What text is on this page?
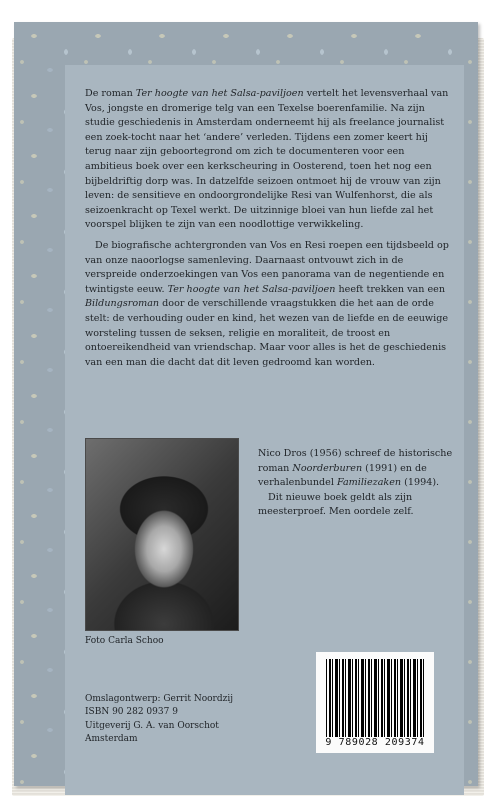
De roman Ter hoogte van het Salsa-paviljoen vertelt het levensverhaal van Vos, jongste en dromerige telg van een Texelse boerenfamilie. Na zijn studie geschiedenis in Amsterdam onderneemt hij als freelance journalist een zoek-tocht naar het ‘andere’ verleden. Tijdens een zomer keert hij terug naar zijn geboortegrond om zich te documenteren voor een ambitieus boek over een kerkscheuring in Oosterend, toen het nog een bijbeldriftig dorp was. In datzelfde seizoen ontmoet hij de vrouw van zijn leven: de sensitieve en ondoorgrondelijke Resi van Wulfenhorst, die als seizoenkracht op Texel werkt. De uitzinnige bloei van hun liefde zal het voorspel blijken te zijn van een noodlottige verwikkeling.

De biografische achtergronden van Vos en Resi roepen een tijdsbeeld op van onze naoorlogse samenleving. Daarnaast ontvouwt zich in de verspreide onderzoekingen van Vos een panorama van de negentiende en twintigste eeuw. Ter hoogte van het Salsa-paviljoen heeft trekken van een Bildungsroman door de verschillende vraagstukken die het aan de orde stelt: de verhouding ouder en kind, het wezen van de liefde en de eeuwige worsteling tussen de seksen, religie en moraliteit, de troost en ontoereikendheid van vriendschap. Maar voor alles is het de geschiedenis van een man die dacht dat dit leven gedroomd kan worden.

Nico Dros (1956) schreef de historische roman Noorderburen (1991) en de verhalenbundel Familiezaken (1994).

Dit nieuwe boek geldt als zijn meesterproef. Men oordele zelf.

Foto Carla Schoo
Omslagontwerp: Gerrit Noordzij
ISBN 90 282 0937 9
Uitgeverij G. A. van Oorschot
Amsterdam	9 789028 209374
